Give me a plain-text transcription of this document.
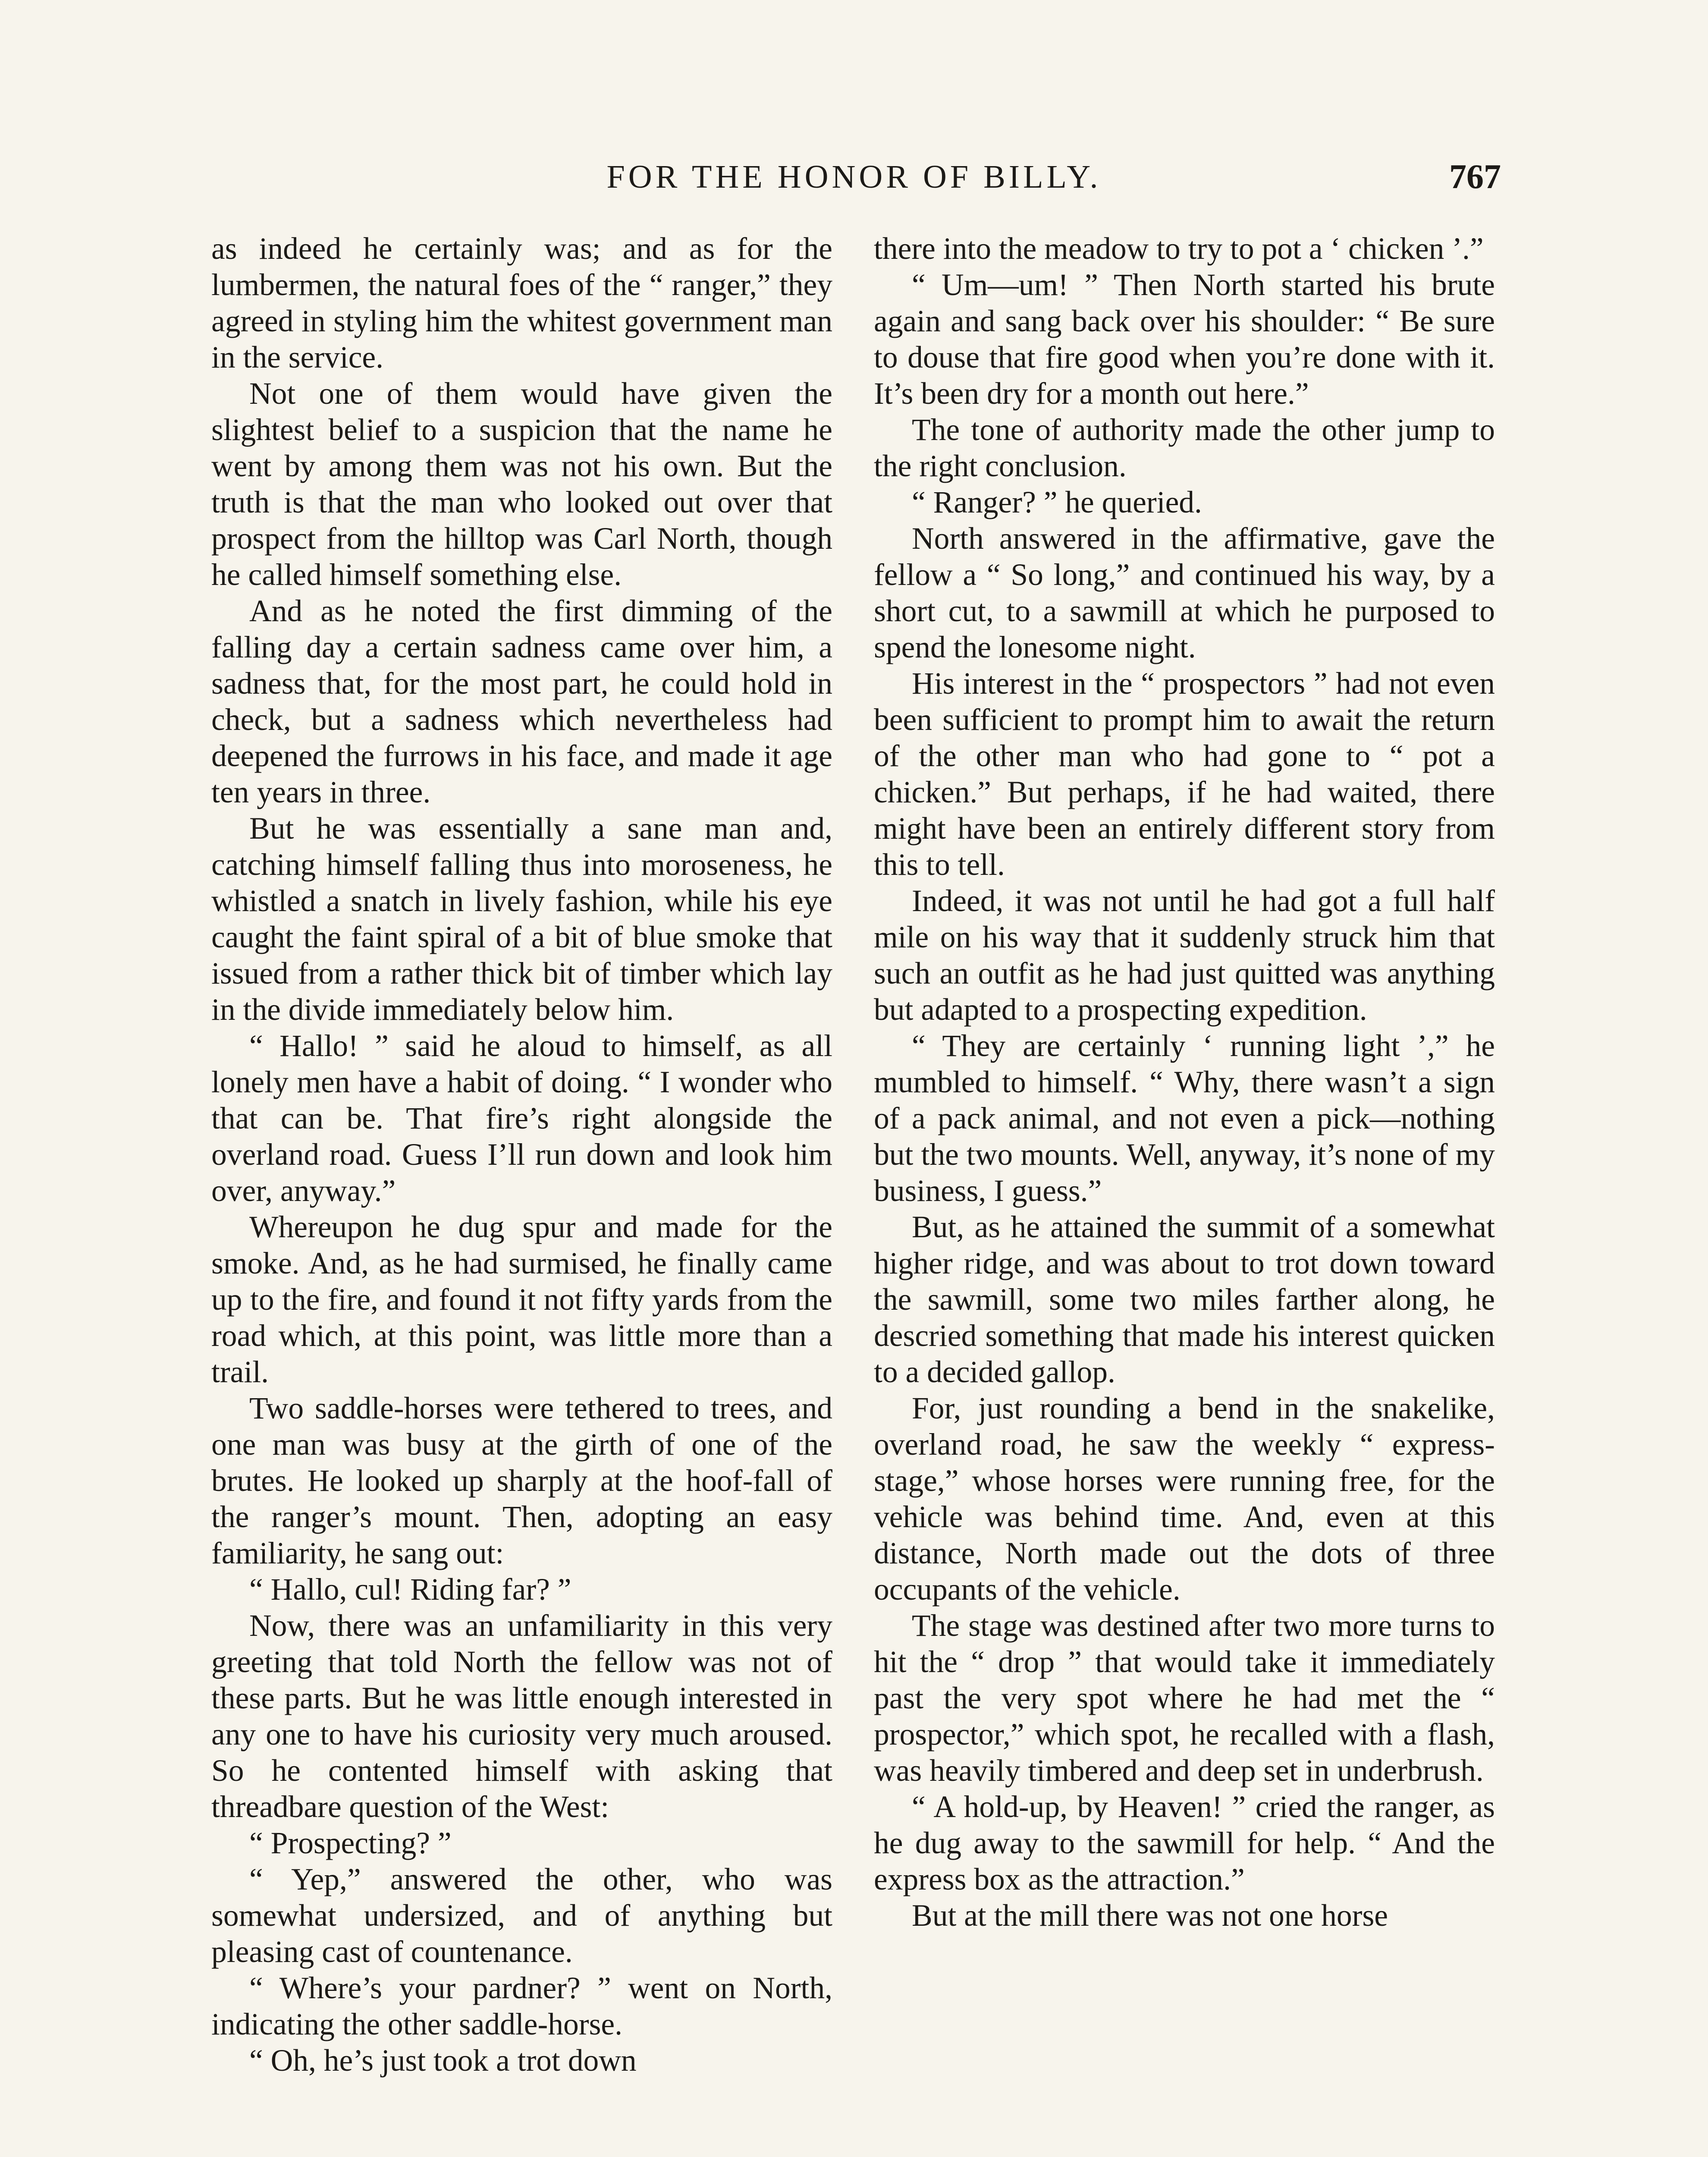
FOR THE HONOR OF BILLY.	767

as indeed he certainly was; and as for the lumbermen, the natural foes of the “ ranger,” they agreed in styling him the whitest government man in the service.

Not one of them would have given the slightest belief to a suspicion that the name he went by among them was not his own. But the truth is that the man who looked out over that prospect from the hilltop was Carl North, though he called himself something else.

And as he noted the first dimming of the falling day a certain sadness came over him, a sadness that, for the most part, he could hold in check, but a sadness which nevertheless had deepened the furrows in his face, and made it age ten years in three.

But he was essentially a sane man and, catching himself falling thus into moroseness, he whistled a snatch in lively fashion, while his eye caught the faint spiral of a bit of blue smoke that issued from a rather thick bit of timber which lay in the divide immediately below him.

“ Hallo! ” said he aloud to himself, as all lonely men have a habit of doing. “ I wonder who that can be. That fire’s right alongside the overland road. Guess I’ll run down and look him over, anyway.”

Whereupon he dug spur and made for the smoke. And, as he had surmised, he finally came up to the fire, and found it not fifty yards from the road which, at this point, was little more than a trail.

Two saddle-horses were tethered to trees, and one man was busy at the girth of one of the brutes. He looked up sharply at the hoof-fall of the ranger’s mount. Then, adopting an easy familiarity, he sang out:

“ Hallo, cul! Riding far? ”

Now, there was an unfamiliarity in this very greeting that told North the fellow was not of these parts. But he was little enough interested in any one to have his curiosity very much aroused. So he contented himself with asking that threadbare question of the West:

“ Prospecting? ”

“ Yep,” answered the other, who was somewhat undersized, and of anything but pleasing cast of countenance.

“ Where’s your pardner? ” went on North, indicating the other saddle-horse.

“ Oh, he’s just took a trot down

there into the meadow to try to pot a ‘ chicken ’.”

“ Um—um! ” Then North started his brute again and sang back over his shoulder: “ Be sure to douse that fire good when you’re done with it. It’s been dry for a month out here.”

The tone of authority made the other jump to the right conclusion.

“ Ranger? ” he queried.

North answered in the affirmative, gave the fellow a “ So long,” and continued his way, by a short cut, to a sawmill at which he purposed to spend the lonesome night.

His interest in the “ prospectors ” had not even been sufficient to prompt him to await the return of the other man who had gone to “ pot a chicken.” But perhaps, if he had waited, there might have been an entirely different story from this to tell.

Indeed, it was not until he had got a full half mile on his way that it suddenly struck him that such an outfit as he had just quitted was anything but adapted to a prospecting expedition.

“ They are certainly ‘ running light ’,” he mumbled to himself. “ Why, there wasn’t a sign of a pack animal, and not even a pick—nothing but the two mounts. Well, anyway, it’s none of my business, I guess.”

But, as he attained the summit of a somewhat higher ridge, and was about to trot down toward the sawmill, some two miles farther along, he descried something that made his interest quicken to a decided gallop.

For, just rounding a bend in the snakelike, overland road, he saw the weekly “ express-stage,” whose horses were running free, for the vehicle was behind time. And, even at this distance, North made out the dots of three occupants of the vehicle.

The stage was destined after two more turns to hit the “ drop ” that would take it immediately past the very spot where he had met the “ prospector,” which spot, he recalled with a flash, was heavily timbered and deep set in underbrush.

“ A hold-up, by Heaven! ” cried the ranger, as he dug away to the sawmill for help. “ And the express box as the attraction.”

But at the mill there was not one horse
